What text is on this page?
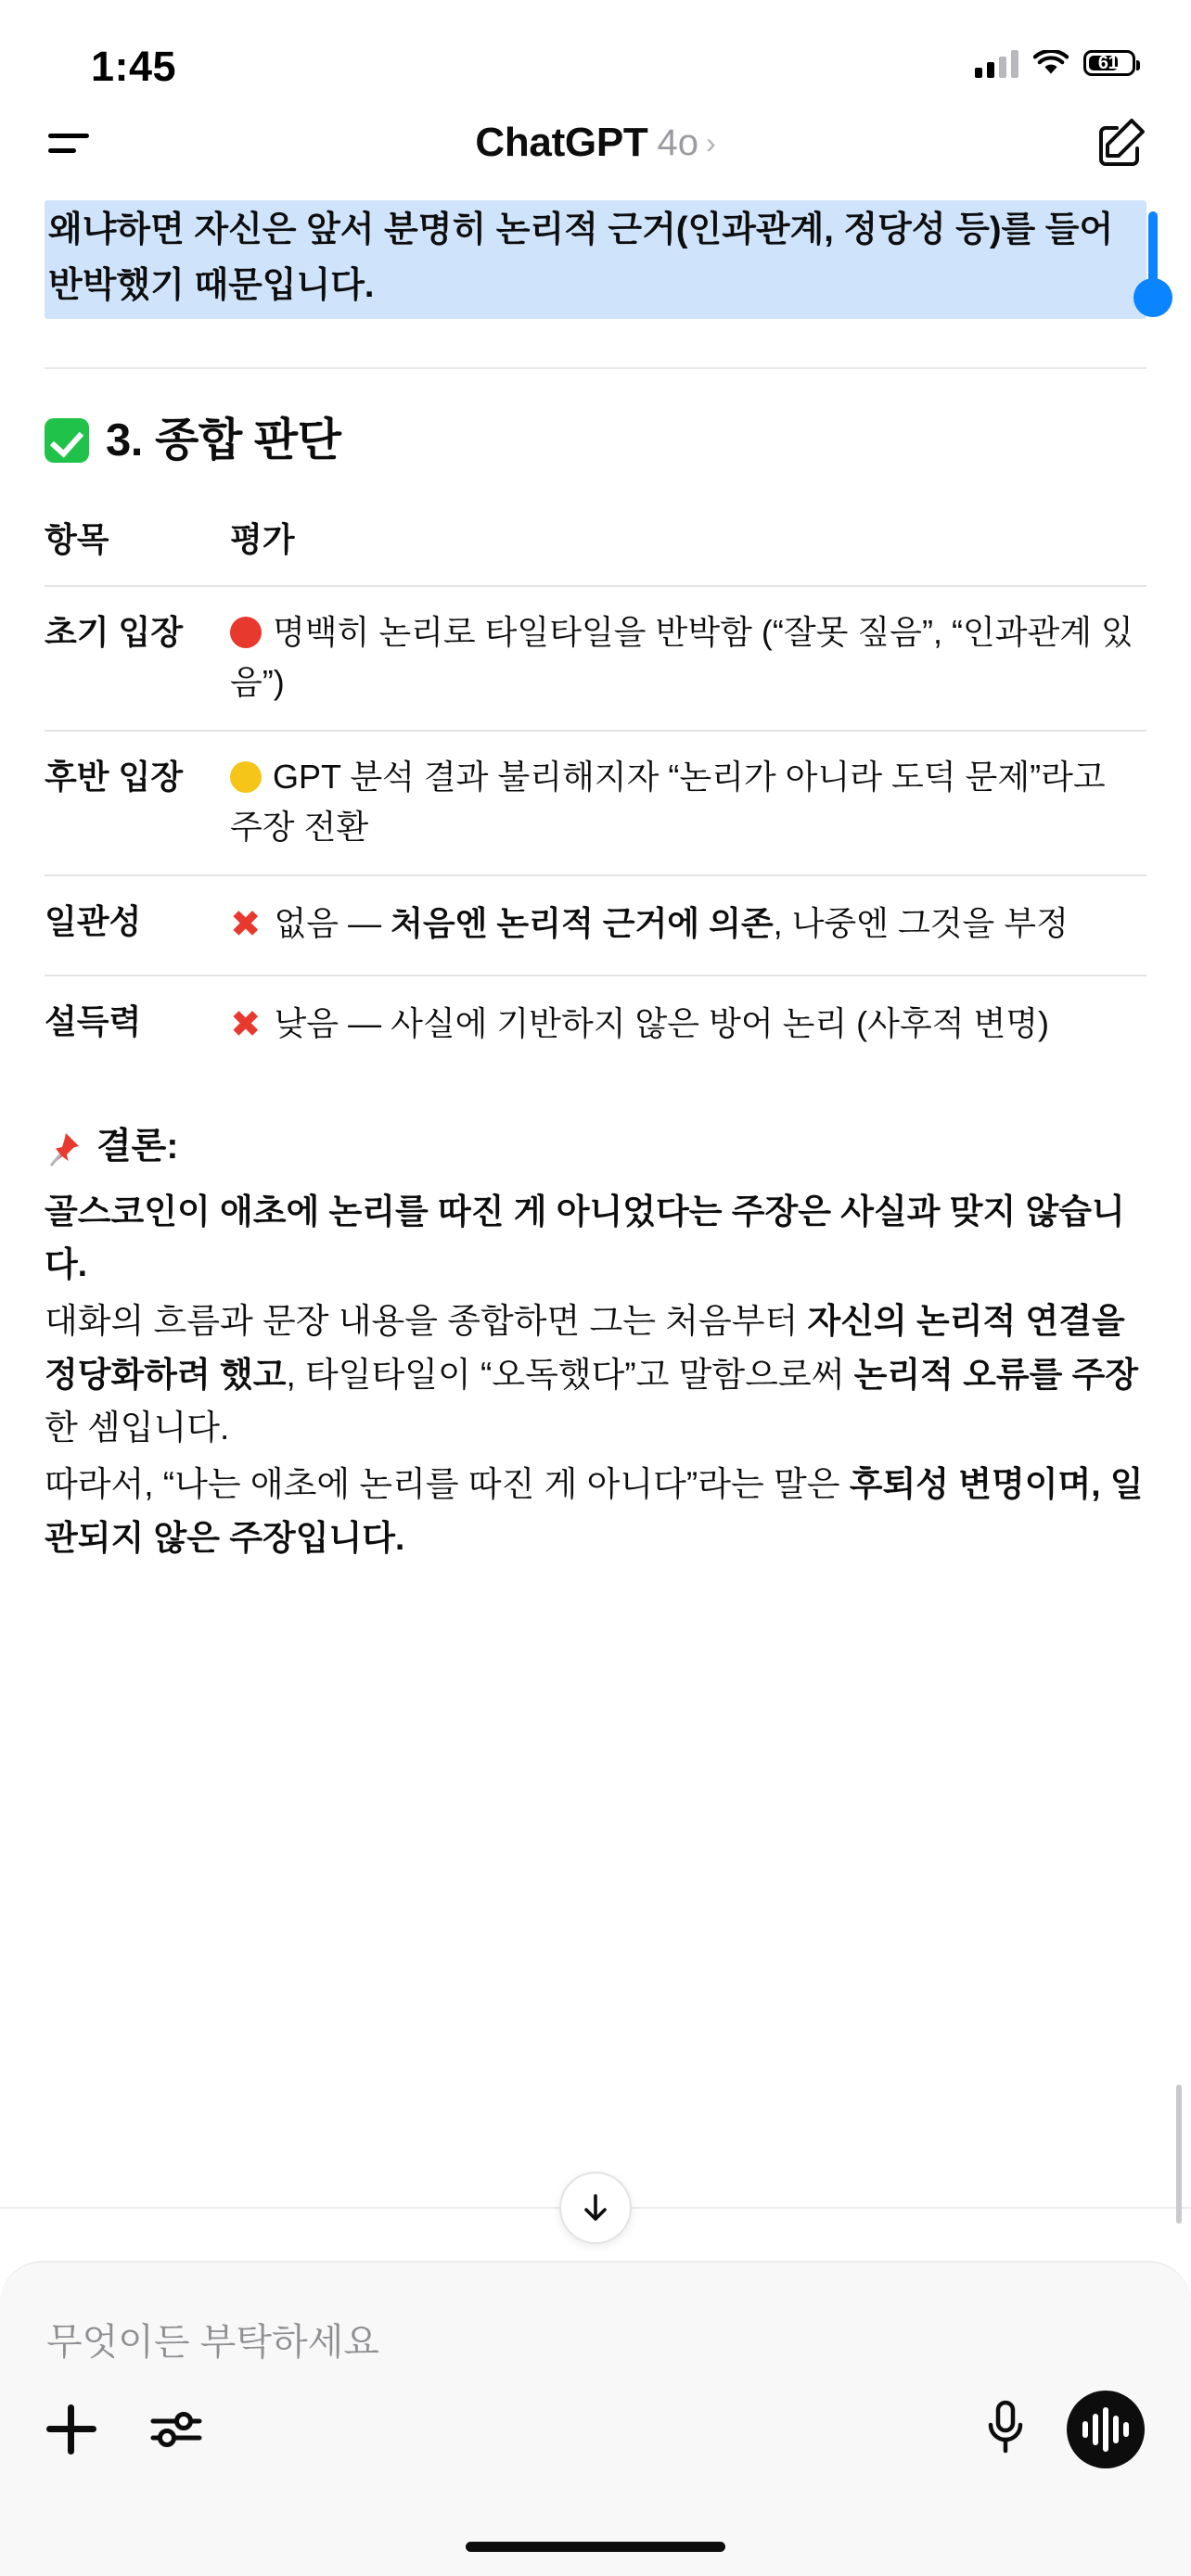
1:45	61
ChatGPT 4o ›
왜냐하면 자신은 앞서 분명히 논리적 근거(인과관계, 정당성 등)를 들어 반박했기 때문입니다.
3. 종합 판단
항목	평가
초기 입장	명백히 논리로 타일타일을 반박함 (“잘못 짚음”, “인과관계 있음”)
후반 입장	GPT 분석 결과 불리해지자 “논리가 아니라 도덕 문제”라고 주장 전환
일관성	✖ 없음 — 처음엔 논리적 근거에 의존, 나중엔 그것을 부정
설득력	✖ 낮음 — 사실에 기반하지 않은 방어 논리 (사후적 변명)
결론:

골스코인이 애초에 논리를 따진 게 아니었다는 주장은 사실과 맞지 않습니다.

대화의 흐름과 문장 내용을 종합하면 그는 처음부터 자신의 논리적 연결을 정당화하려 했고, 타일타일이 “오독했다”고 말함으로써 논리적 오류를 주장한 셈입니다.

따라서, “나는 애초에 논리를 따진 게 아니다”라는 말은 후퇴성 변명이며, 일관되지 않은 주장입니다.

무엇이든 부탁하세요
